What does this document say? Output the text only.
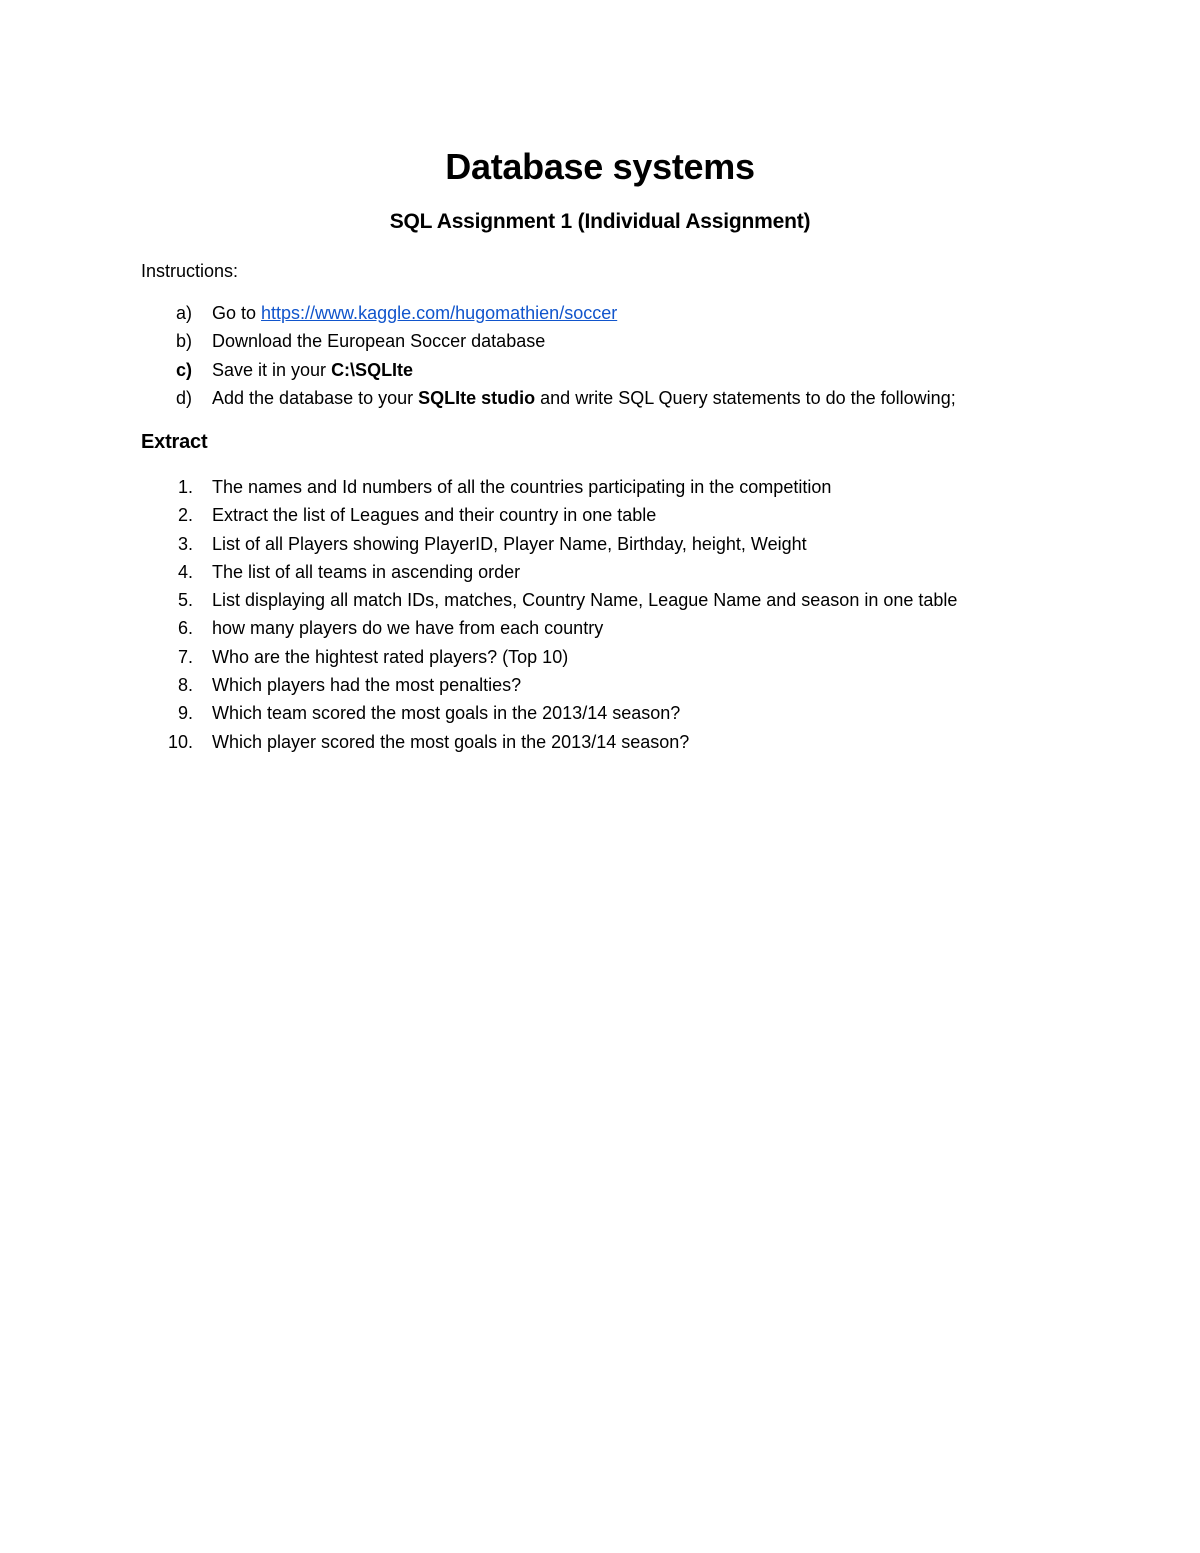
Database systems
SQL Assignment 1 (Individual Assignment)
Instructions:
a) Go to https://www.kaggle.com/hugomathien/soccer
b) Download the European Soccer database
c) Save it in your C:\SQLIte
d) Add the database to your SQLIte studio and write SQL Query statements to do the following;
Extract
1. The names and Id numbers of all the countries participating in the competition
2. Extract the list of Leagues and their country in one table
3. List of all Players showing PlayerID, Player Name, Birthday, height, Weight
4. The list of all teams in ascending order
5. List displaying all match IDs, matches, Country Name, League Name and season in one table
6. how many players do we have from each country
7. Who are the hightest rated players? (Top 10)
8. Which players had the most penalties?
9. Which team scored the most goals in the 2013/14 season?
10. Which player scored the most goals in the 2013/14 season?
